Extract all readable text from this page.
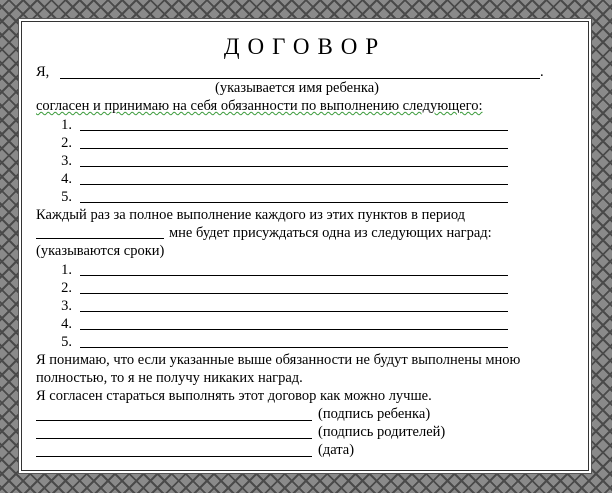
ДОГОВОР
Я,	.
(указывается имя ребенка)
согласен и принимаю на себя обязанности по выполнению следующего:
1.
2.
3.
4.
5.
Каждый раз за полное выполнение каждого из этих пунктов в период
мне будет присуждаться одна из следующих наград:
(указываются сроки)
1.
2.
3.
4.
5.
Я понимаю, что если указанные выше обязанности не будут выполнены мною
полностью, то я не получу никаких наград.
Я согласен стараться выполнять этот договор как можно лучше.
(подпись ребенка)
(подпись родителей)
(дата)
